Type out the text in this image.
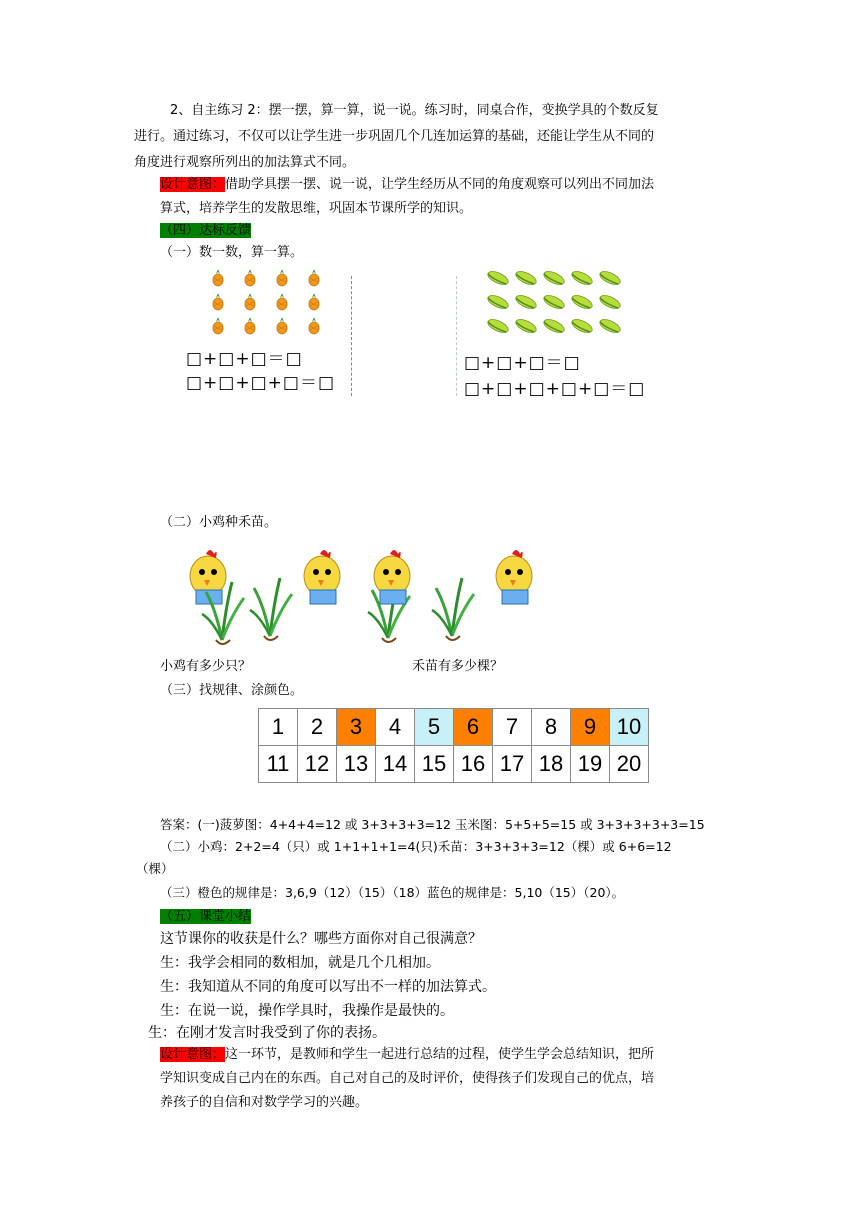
2、自主练习 2：摆一摆，算一算，说一说。练习时，同桌合作，变换学具的个数反复
进行。通过练习，不仅可以让学生进一步巩固几个几连加运算的基础，还能让学生从不同的
角度进行观察所列出的加法算式不同。
设计意图：借助学具摆一摆、说一说，让学生经历从不同的角度观察可以列出不同加法
算式，培养学生的发散思维，巩固本节课所学的知识。
（四）达标反馈
（一）数一数，算一算。
□+□+□＝□
□+□+□+□＝□
□+□+□＝□
□+□+□+□+□＝□
（二）小鸡种禾苗。
小鸡有多少只？	禾苗有多少棵？
（三）找规律、涂颜色。
1	2	3	4	5	6	7	8	9	10
11	12	13	14	15	16	17	18	19	20
答案：(一)菠萝图：4+4+4=12 或 3+3+3+3=12 玉米图：5+5+5=15 或 3+3+3+3+3=15
（二）小鸡：2+2=4（只）或 1+1+1+1=4(只)禾苗：3+3+3+3=12（棵）或 6+6=12
（棵）
（三）橙色的规律是：3,6,9（12）（15）（18）蓝色的规律是：5,10（15）（20）。
（五）课堂小结
这节课你的收获是什么？哪些方面你对自己很满意？
生：我学会相同的数相加，就是几个几相加。
生：我知道从不同的角度可以写出不一样的加法算式。
生：在说一说，操作学具时，我操作是最快的。
生：在刚才发言时我受到了你的表扬。
设计意图：这一环节，是教师和学生一起进行总结的过程，使学生学会总结知识，把所
学知识变成自己内在的东西。自己对自己的及时评价，使得孩子们发现自己的优点，培
养孩子的自信和对数学学习的兴趣。
